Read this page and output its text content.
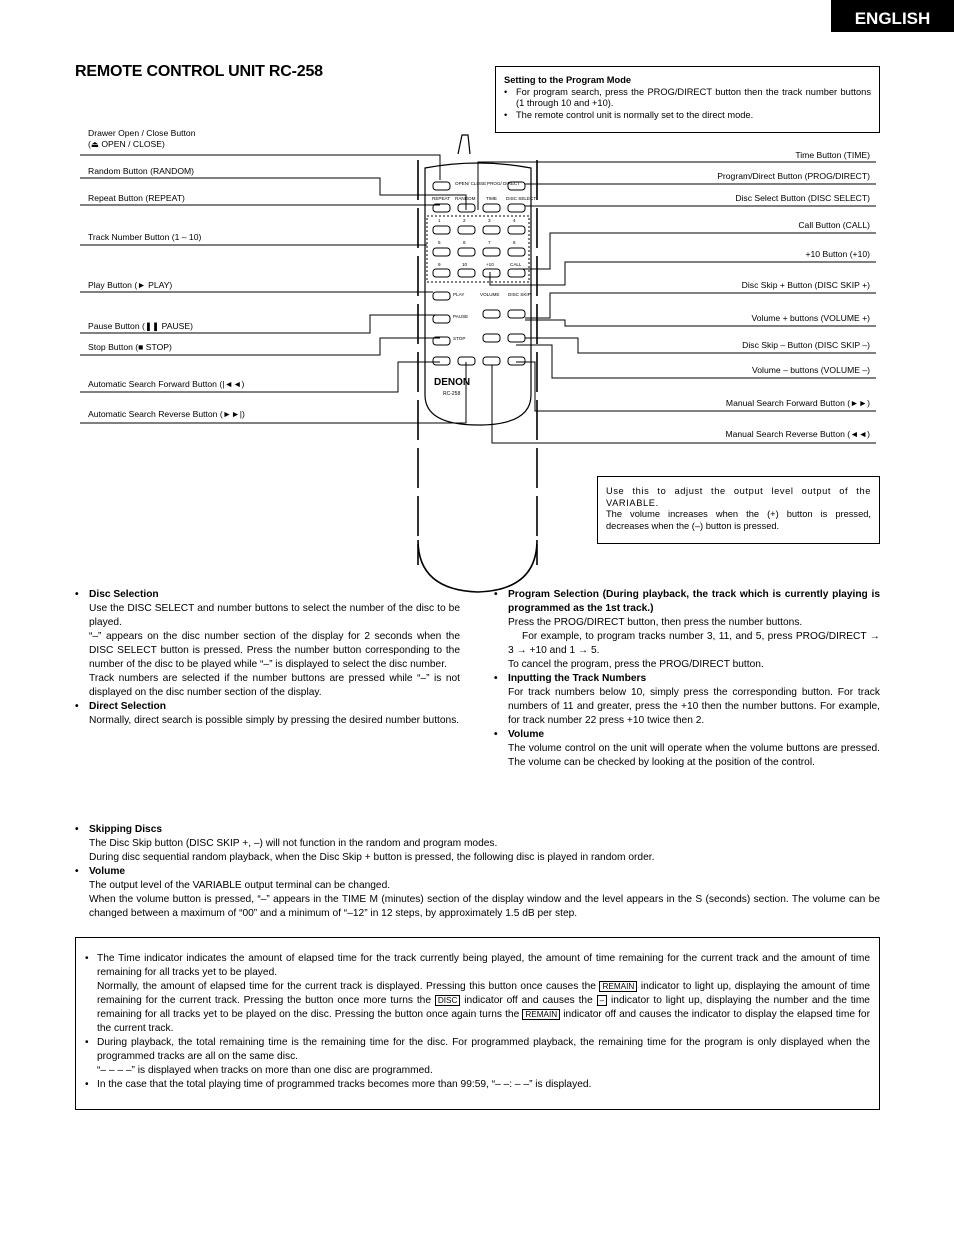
ENGLISH
REMOTE CONTROL UNIT RC-258	Setting to the Program Mode
• For program search, press the PROG/DIRECT button then the track number buttons (1 through 10 and +10).
• The remote control unit is normally set to the direct mode.
DENON
RC-258
OPEN/ CLOSE PROG/ DIRECT
REPEAT RANDOM TIME DISC SELECT
1	2	3	4
5	6	7	8
9	10	+10	CALL
PLAY	VOLUME DISC SKIP
PAUSE
STOP
Drawer Open / Close Button
(⏏ OPEN / CLOSE)
Random Button (RANDOM)
Repeat Button (REPEAT)
Track Number Button (1 – 10)
Play Button (► PLAY)
Pause Button (❚❚ PAUSE)
Stop Button (■ STOP)
Automatic Search Forward Button (|◄◄)
Automatic Search Reverse Button (►►|)
Time Button (TIME)
Program/Direct Button (PROG/DIRECT)
Disc Select Button (DISC SELECT)
Call Button (CALL)
+10 Button (+10)
Disc Skip + Button (DISC SKIP +)
Volume + buttons (VOLUME +)
Disc Skip – Button (DISC SKIP –)
Volume – buttons (VOLUME –)
Manual Search Forward Button (►►)
Manual Search Reverse Button (◄◄)
Use this to adjust the output level output of the VARIABLE.
The volume increases when the (+) button is pressed, decreases when the (–) button is pressed.
• Disc Selection
Use the DISC SELECT and number buttons to select the number of the disc to be played.
“–” appears on the disc number section of the display for 2 seconds when the DISC SELECT button is pressed. Press the number button corresponding to the number of the disc to be played while “–” is displayed to select the disc number.
Track numbers are selected if the number buttons are pressed while “–” is not displayed on the disc number section of the display.
• Direct Selection
Normally, direct search is possible simply by pressing the desired number buttons.
• Program Selection (During playback, the track which is currently playing is programmed as the 1st track.)
Press the PROG/DIRECT button, then press the number buttons.
For example, to program tracks number 3, 11, and 5, press PROG/DIRECT → 3 → +10 and 1 → 5.
To cancel the program, press the PROG/DIRECT button.
• Inputting the Track Numbers
For track numbers below 10, simply press the corresponding button. For track numbers of 11 and greater, press the +10 then the number buttons. For example, for track number 22 press +10 twice then 2.
• Volume
The volume control on the unit will operate when the volume buttons are pressed. The volume can be checked by looking at the position of the control.
• Skipping Discs
The Disc Skip button (DISC SKIP +, –) will not function in the random and program modes.
During disc sequential random playback, when the Disc Skip + button is pressed, the following disc is played in random order.
• Volume
The output level of the VARIABLE output terminal can be changed.
When the volume button is pressed, “–” appears in the TIME M (minutes) section of the display window and the level appears in the S (seconds) section. The volume can be changed between a maximum of “00” and a minimum of “–12” in 12 steps, by approximately 1.5 dB per step.
• The Time indicator indicates the amount of elapsed time for the track currently being played, the amount of time remaining for the current track and the amount of time remaining for all tracks yet to be played.
Normally, the amount of elapsed time for the current track is displayed. Pressing this button once causes the REMAIN indicator to light up, displaying the amount of time remaining for the current track. Pressing the button once more turns the DISC indicator off and causes the – indicator to light up, displaying the number and the time remaining for all tracks yet to be played on the disc. Pressing the button once again turns the REMAIN indicator off and causes the indicator to display the elapsed time for the current track.
• During playback, the total remaining time is the remaining time for the disc. For programmed playback, the remaining time for the program is only displayed when the programmed tracks are all on the same disc.
“– – – –” is displayed when tracks on more than one disc are programmed.
• In the case that the total playing time of programmed tracks becomes more than 99:59, “– –: – –” is displayed.
